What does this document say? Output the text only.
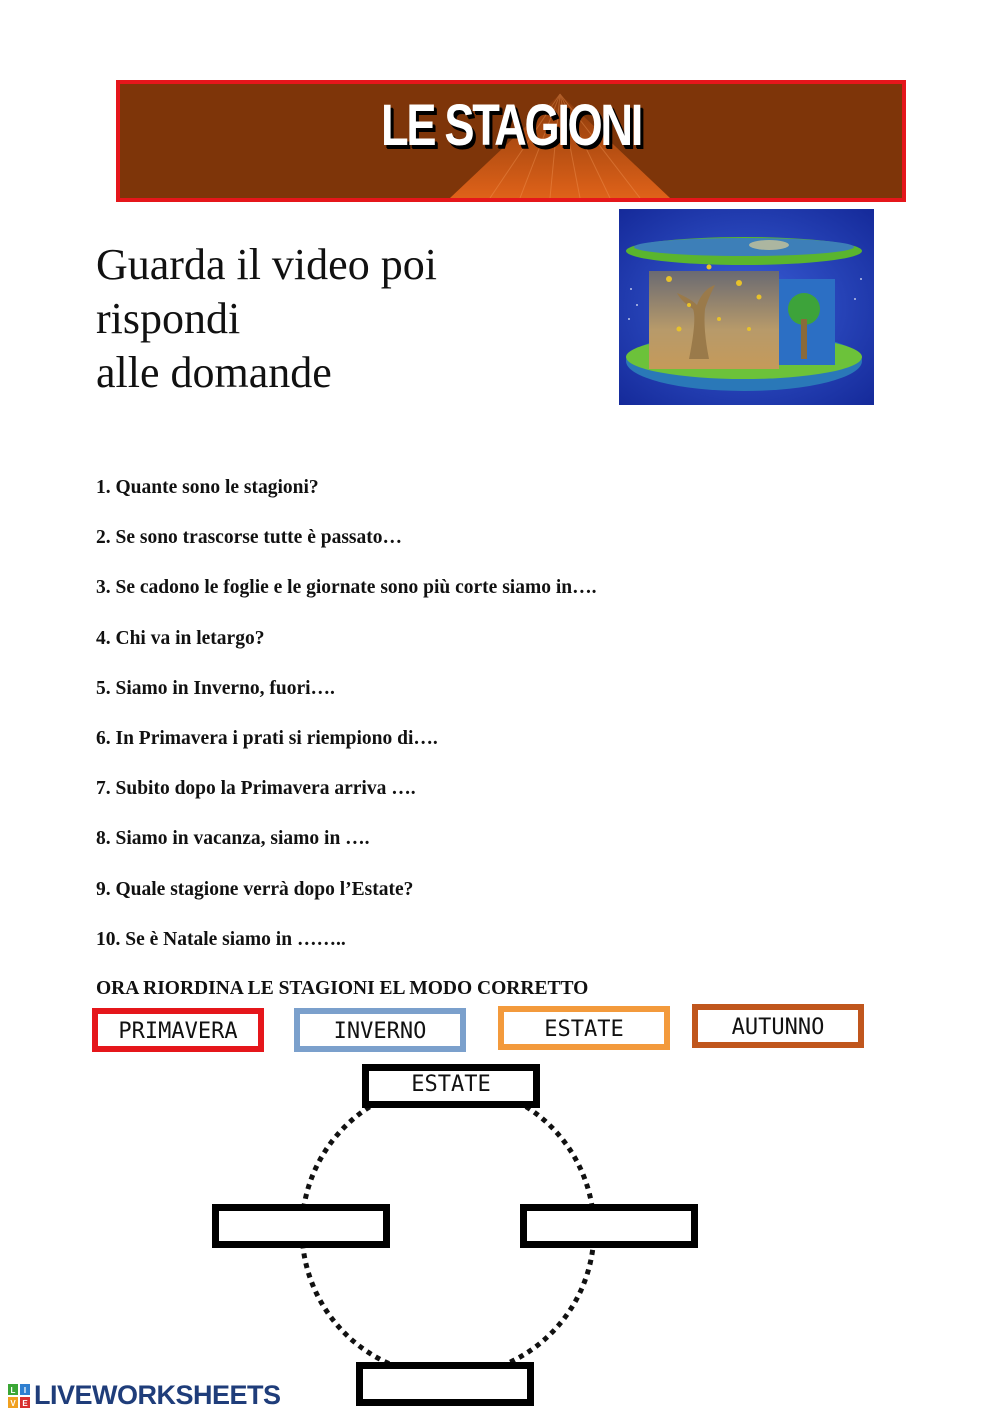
LE STAGIONI
Guarda il video poi
rispondi
alle domande
1. Quante sono le stagioni?
2. Se sono trascorse tutte è passato…
3. Se cadono le foglie e le giornate sono più corte siamo in….
4. Chi va in letargo?
5. Siamo in Inverno, fuori….
6. In Primavera i prati si riempiono di….
7. Subito dopo la Primavera arriva ….
8. Siamo in vacanza, siamo in ….
9. Quale stagione verrà dopo l’Estate?
10. Se è Natale siamo in ……..
ORA RIORDINA LE STAGIONI EL MODO CORRETTO
PRIMAVERA	INVERNO	ESTATE	AUTUNNO
ESTATE
L I
V E LIVEWORKSHEETS
